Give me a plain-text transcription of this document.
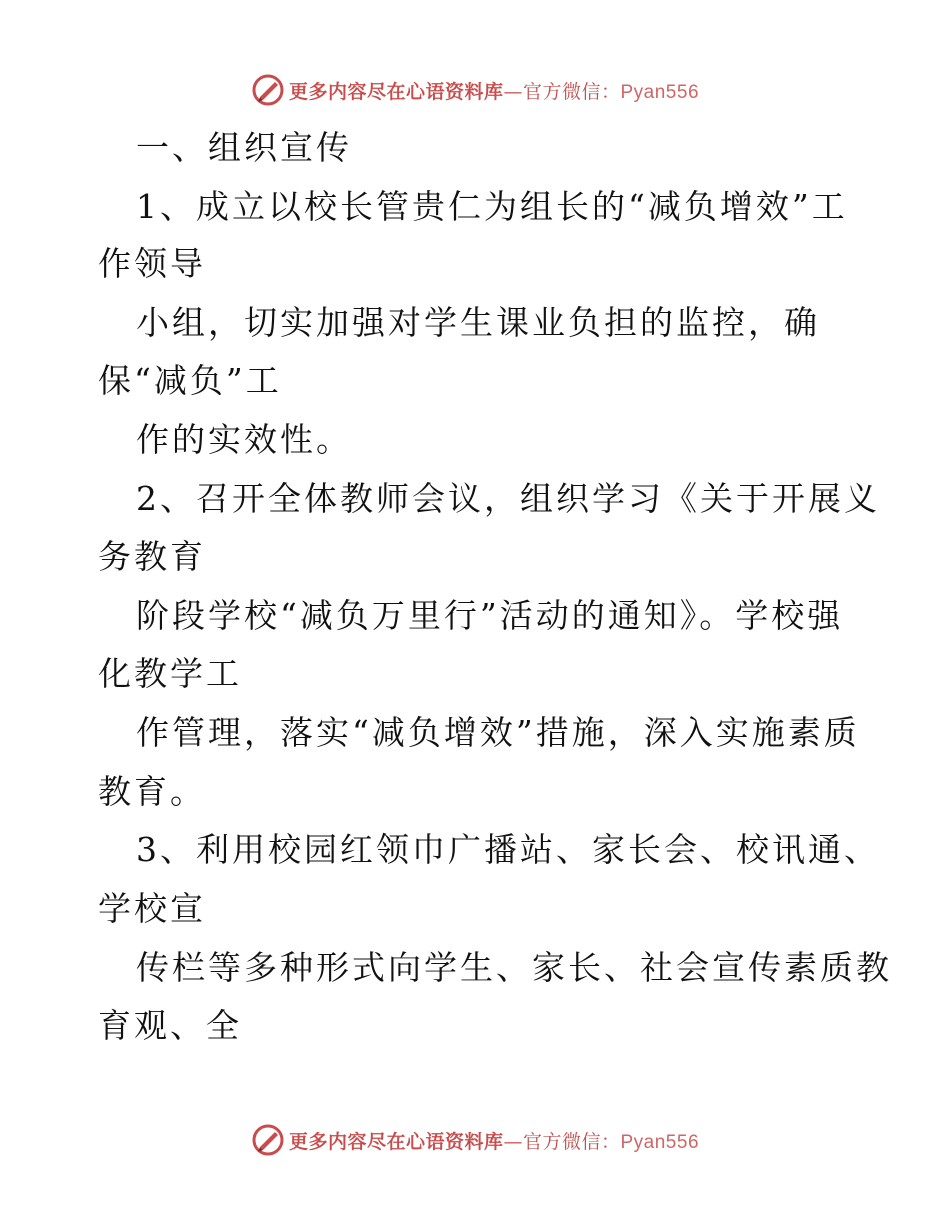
更多内容尽在心语资料库—官方微信：Pyan556
一、组织宣传
1、成立以校长管贵仁为组长的“减负增效”工
作领导
小组，切实加强对学生课业负担的监控，确
保“减负”工
作的实效性。
2、召开全体教师会议，组织学习《关于开展义
务教育
阶段学校“减负万里行”活动的通知》。学校强
化教学工
作管理，落实“减负增效”措施，深入实施素质
教育。
3、利用校园红领巾广播站、家长会、校讯通、
学校宣
传栏等多种形式向学生、家长、社会宣传素质教
育观、全
更多内容尽在心语资料库—官方微信：Pyan556
